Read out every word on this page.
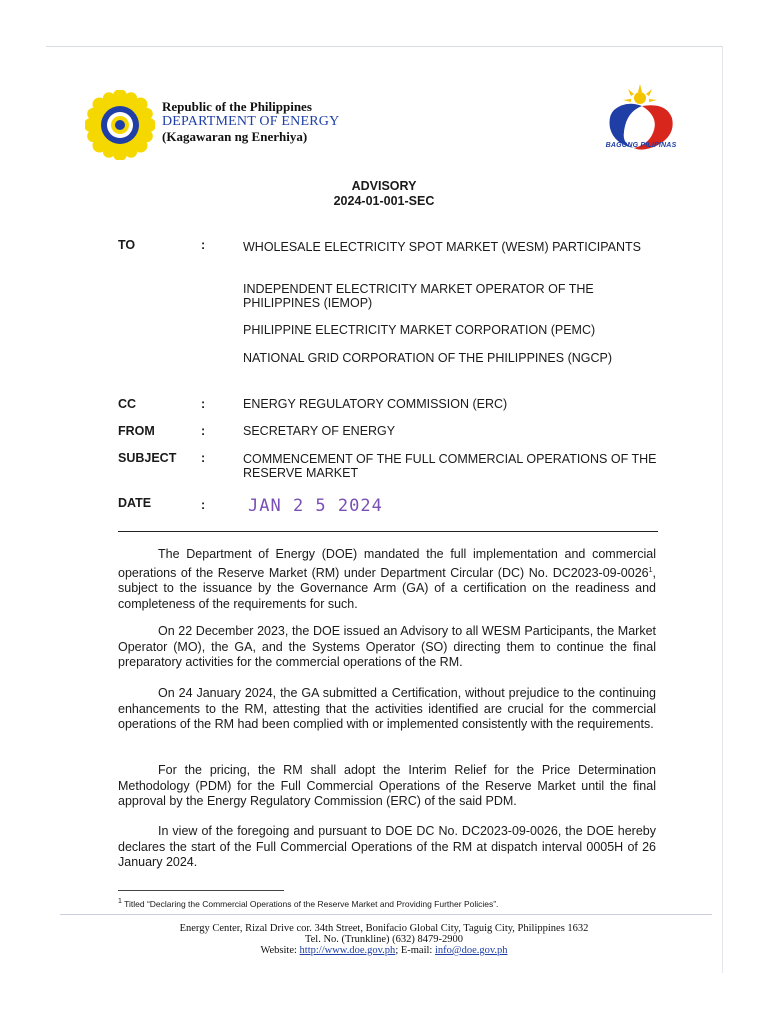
Republic of the Philippines
DEPARTMENT OF ENERGY
(Kagawaran ng Enerhiya)
BAGONG PILIPINAS
ADVISORY
2024-01-001-SEC
TO	:	WHOLESALE ELECTRICITY SPOT MARKET (WESM) PARTICIPANTS
INDEPENDENT ELECTRICITY MARKET OPERATOR OF THE PHILIPPINES (IEMOP)
PHILIPPINE ELECTRICITY MARKET CORPORATION (PEMC)
NATIONAL GRID CORPORATION OF THE PHILIPPINES (NGCP)
CC	:	ENERGY REGULATORY COMMISSION (ERC)
FROM	:	SECRETARY OF ENERGY
SUBJECT :	COMMENCEMENT OF THE FULL COMMERCIAL OPERATIONS OF THE RESERVE MARKET
DATE	:	JAN 2 5 2024
The Department of Energy (DOE) mandated the full implementation and commercial operations of the Reserve Market (RM) under Department Circular (DC) No. DC2023-09-0026$^1$, subject to the issuance by the Governance Arm (GA) of a certification on the readiness and completeness of the requirements for such.
On 22 December 2023, the DOE issued an Advisory to all WESM Participants, the Market Operator (MO), the GA, and the Systems Operator (SO) directing them to continue the final preparatory activities for the commercial operations of the RM.
On 24 January 2024, the GA submitted a Certification, without prejudice to the continuing enhancements to the RM, attesting that the activities identified are crucial for the commercial operations of the RM had been complied with or implemented consistently with the requirements.
For the pricing, the RM shall adopt the Interim Relief for the Price Determination Methodology (PDM) for the Full Commercial Operations of the Reserve Market until the final approval by the Energy Regulatory Commission (ERC) of the said PDM.
In view of the foregoing and pursuant to DOE DC No. DC2023-09-0026, the DOE hereby declares the start of the Full Commercial Operations of the RM at dispatch interval 0005H of 26 January 2024.
$^1$ Titled “Declaring the Commercial Operations of the Reserve Market and Providing Further Policies”.
Energy Center, Rizal Drive cor. 34th Street, Bonifacio Global City, Taguig City, Philippines 1632
Tel. No. (Trunkline) (632) 8479-2900
Website: http://www.doe.gov.ph; E-mail: info@doe.gov.ph
